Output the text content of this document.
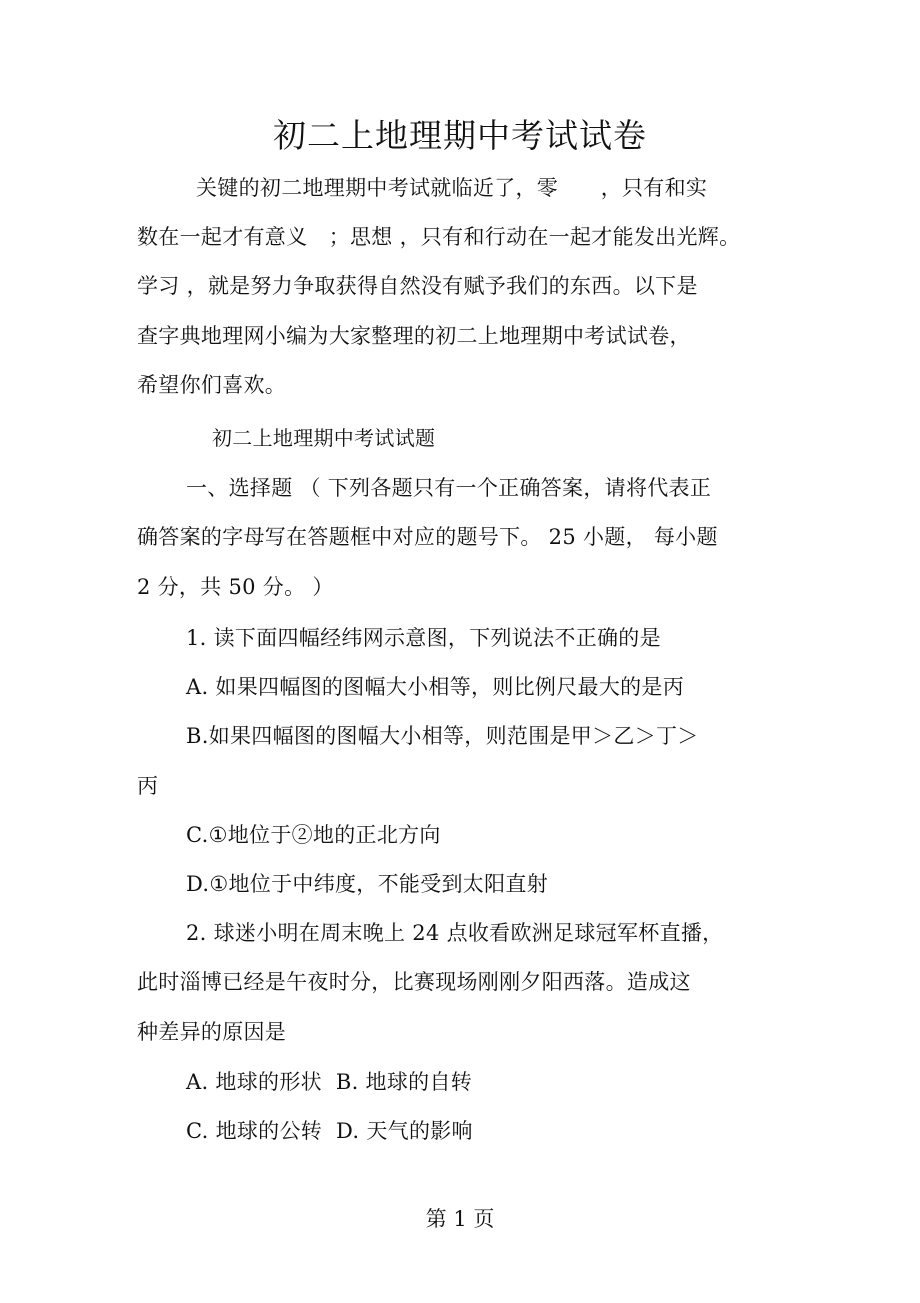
初二上地理期中考试试卷
关键的初二地理期中考试就临近了，零　　，只有和实
数在一起才有意义　；思想 ，只有和行动在一起才能发出光辉。
学习 ，就是努力争取获得自然没有赋予我们的东西。以下是
查字典地理网小编为大家整理的初二上地理期中考试试卷，
希望你们喜欢。
初二上地理期中考试试题
一、选择题 （ 下列各题只有一个正确答案，请将代表正
确答案的字母写在答题框中对应的题号下。 25 小题， 每小题
2 分，共 50 分。 ）
1. 读下面四幅经纬网示意图，下列说法不正确的是
A. 如果四幅图的图幅大小相等，则比例尺最大的是丙
B.如果四幅图的图幅大小相等，则范围是甲＞乙＞丁＞
丙
C.①地位于②地的正北方向
D.①地位于中纬度，不能受到太阳直射
2. 球迷小明在周末晚上 24 点收看欧洲足球冠军杯直播，
此时淄博已经是午夜时分，比赛现场刚刚夕阳西落。造成这
种差异的原因是
A. 地球的形状  B. 地球的自转
C. 地球的公转  D. 天气的影响
第 1 页
